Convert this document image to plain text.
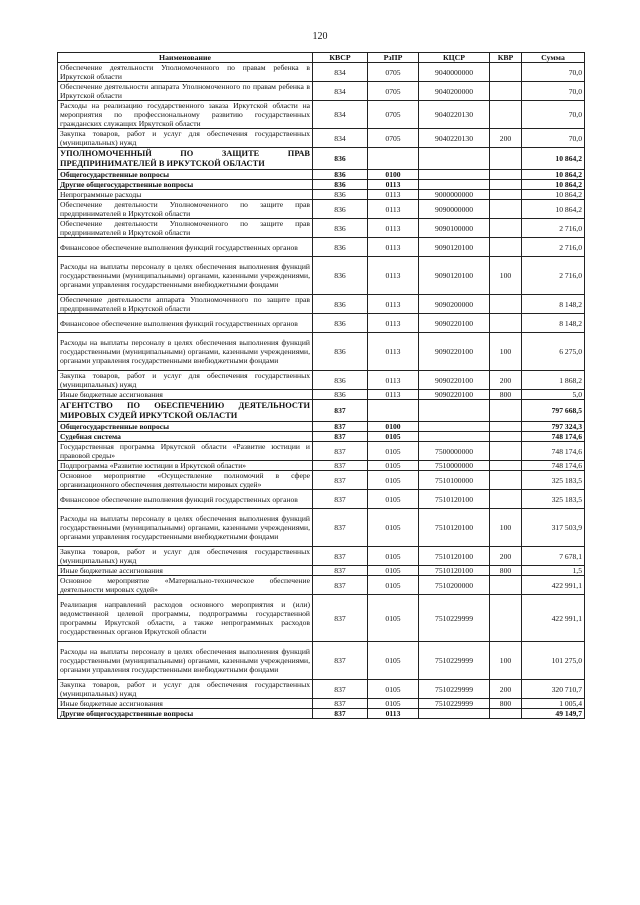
120
Наименование	КВСР	РзПР	КЦСР	КВР	Сумма
Обеспечение деятельности Уполномоченного по правам ребенка в Иркутской области	834	0705	9040000000		70,0
Обеспечение деятельности аппарата Уполномоченного по правам ребенка в Иркутской области	834	0705	9040200000		70,0
Расходы на реализацию государственного заказа Иркутской области на мероприятия по профессиональному развитию государственных гражданских служащих Иркутской области	834	0705	9040220130		70,0
Закупка товаров, работ и услуг для обеспечения государственных (муниципальных) нужд	834	0705	9040220130	200	70,0
УПОЛНОМОЧЕННЫЙ ПО ЗАЩИТЕ ПРАВ ПРЕДПРИНИМАТЕЛЕЙ В ИРКУТСКОЙ ОБЛАСТИ	836				10 864,2
Общегосударственные вопросы	836	0100			10 864,2
Другие общегосударственные вопросы	836	0113			10 864,2
Непрограммные расходы	836	0113	9000000000		10 864,2
Обеспечение деятельности Уполномоченного по защите прав предпринимателей в Иркутской области	836	0113	9090000000		10 864,2
Обеспечение деятельности Уполномоченного по защите прав предпринимателей в Иркутской области	836	0113	9090100000		2 716,0
Финансовое обеспечение выполнения функций государственных органов	836	0113	9090120100		2 716,0
Расходы на выплаты персоналу в целях обеспечения выполнения функций государственными (муниципальными) органами, казенными учреждениями, органами управления государственными внебюджетными фондами	836	0113	9090120100	100	2 716,0
Обеспечение деятельности аппарата Уполномоченного по защите прав предпринимателей в Иркутской области	836	0113	9090200000		8 148,2
Финансовое обеспечение выполнения функций государственных органов	836	0113	9090220100		8 148,2
Расходы на выплаты персоналу в целях обеспечения выполнения функций государственными (муниципальными) органами, казенными учреждениями, органами управления государственными внебюджетными фондами	836	0113	9090220100	100	6 275,0
Закупка товаров, работ и услуг для обеспечения государственных (муниципальных) нужд	836	0113	9090220100	200	1 868,2
Иные бюджетные ассигнования	836	0113	9090220100	800	5,0
АГЕНТСТВО ПО ОБЕСПЕЧЕНИЮ ДЕЯТЕЛЬНОСТИ МИРОВЫХ СУДЕЙ ИРКУТСКОЙ ОБЛАСТИ	837				797 668,5
Общегосударственные вопросы	837	0100			797 324,3
Судебная система	837	0105			748 174,6
Государственная программа Иркутской области «Развитие юстиции и правовой среды»	837	0105	7500000000		748 174,6
Подпрограмма «Развитие юстиции в Иркутской области»	837	0105	7510000000		748 174,6
Основное мероприятие «Осуществление полномочий в сфере организационного обеспечения деятельности мировых судей»	837	0105	7510100000		325 183,5
Финансовое обеспечение выполнения функций государственных органов	837	0105	7510120100		325 183,5
Расходы на выплаты персоналу в целях обеспечения выполнения функций государственными (муниципальными) органами, казенными учреждениями, органами управления государственными внебюджетными фондами	837	0105	7510120100	100	317 503,9
Закупка товаров, работ и услуг для обеспечения государственных (муниципальных) нужд	837	0105	7510120100	200	7 678,1
Иные бюджетные ассигнования	837	0105	7510120100	800	1,5
Основное мероприятие «Материально-техническое обеспечение деятельности мировых судей»	837	0105	7510200000		422 991,1
Реализация направлений расходов основного мероприятия и (или) ведомственной целевой программы, подпрограммы государственной программы Иркутской области, а также непрограммных расходов государственных органов Иркутской области	837	0105	7510229999		422 991,1
Расходы на выплаты персоналу в целях обеспечения выполнения функций государственными (муниципальными) органами, казенными учреждениями, органами управления государственными внебюджетными фондами	837	0105	7510229999	100	101 275,0
Закупка товаров, работ и услуг для обеспечения государственных (муниципальных) нужд	837	0105	7510229999	200	320 710,7
Иные бюджетные ассигнования	837	0105	7510229999	800	1 005,4
Другие общегосударственные вопросы	837	0113			49 149,7
